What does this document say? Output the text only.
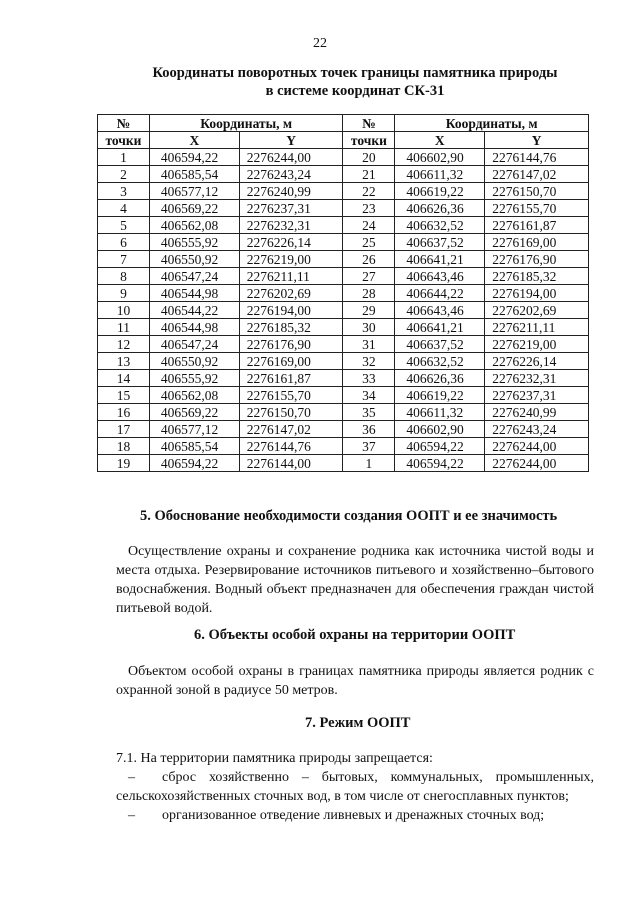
22
Координаты поворотных точек границы памятника природы
в системе координат СК-31
№	Координаты, м		№	Координаты, м	
точки	X	Y	точки	X	Y
1	406594,22	2276244,00	20	406602,90	2276144,76
2	406585,54	2276243,24	21	406611,32	2276147,02
3	406577,12	2276240,99	22	406619,22	2276150,70
4	406569,22	2276237,31	23	406626,36	2276155,70
5	406562,08	2276232,31	24	406632,52	2276161,87
6	406555,92	2276226,14	25	406637,52	2276169,00
7	406550,92	2276219,00	26	406641,21	2276176,90
8	406547,24	2276211,11	27	406643,46	2276185,32
9	406544,98	2276202,69	28	406644,22	2276194,00
10	406544,22	2276194,00	29	406643,46	2276202,69
11	406544,98	2276185,32	30	406641,21	2276211,11
12	406547,24	2276176,90	31	406637,52	2276219,00
13	406550,92	2276169,00	32	406632,52	2276226,14
14	406555,92	2276161,87	33	406626,36	2276232,31
15	406562,08	2276155,70	34	406619,22	2276237,31
16	406569,22	2276150,70	35	406611,32	2276240,99
17	406577,12	2276147,02	36	406602,90	2276243,24
18	406585,54	2276144,76	37	406594,22	2276244,00
19	406594,22	2276144,00	1	406594,22	2276244,00
5. Обоснование необходимости создания ООПТ и ее значимость
Осуществление охраны и сохранение родника как источника чистой воды и места отдыха. Резервирование источников питьевого и хозяйственно–бытового водоснабжения. Водный объект предназначен для обеспечения граждан чистой питьевой водой.
6. Объекты особой охраны на территории ООПТ
Объектом особой охраны в границах памятника природы является родник с охранной зоной в радиусе 50 метров.
7. Режим ООПТ
7.1. На территории памятника природы запрещается:
– сброс хозяйственно – бытовых, коммунальных, промышленных, сельскохозяйственных сточных вод, в том числе от снегосплавных пунктов;
– организованное отведение ливневых и дренажных сточных вод;
